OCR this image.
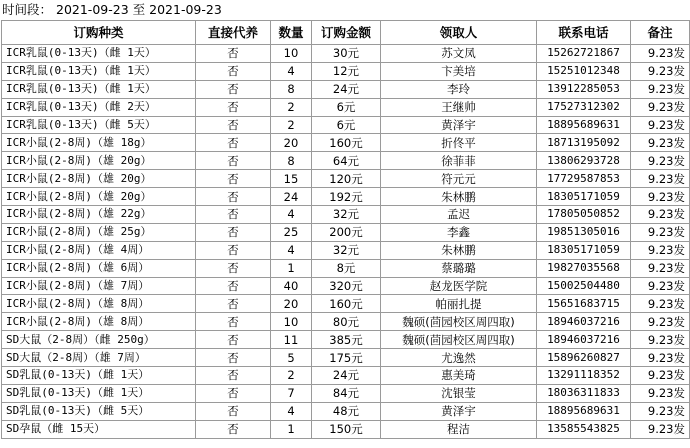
时间段： 2021-09-23 至 2021-09-23
订购种类	直接代养	数量	订购金额	领取人	联系电话	备注
ICR乳鼠(0-13天)（雌 1天）	否	10	30元	苏文凤	15262721867	9.23发
ICR乳鼠(0-13天)（雌 1天）	否	4	12元	卞美培	15251012348	9.23发
ICR乳鼠(0-13天)（雌 1天）	否	8	24元	李玲	13912285053	9.23发
ICR乳鼠(0-13天)（雌 2天）	否	2	6元	王继帅	17527312302	9.23发
ICR乳鼠(0-13天)（雌 5天）	否	2	6元	黄泽宇	18895689631	9.23发
ICR小鼠(2-8周)（雄 18g）	否	20	160元	折佟平	18713195092	9.23发
ICR小鼠(2-8周)（雄 20g）	否	8	64元	徐菲菲	13806293728	9.23发
ICR小鼠(2-8周)（雄 20g）	否	15	120元	符元元	17729587853	9.23发
ICR小鼠(2-8周)（雄 20g）	否	24	192元	朱林鹏	18305171059	9.23发
ICR小鼠(2-8周)（雄 22g）	否	4	32元	孟迟	17805050852	9.23发
ICR小鼠(2-8周)（雄 25g）	否	25	200元	李鑫	19851305016	9.23发
ICR小鼠(2-8周)（雄 4周）	否	4	32元	朱林鹏	18305171059	9.23发
ICR小鼠(2-8周)（雄 6周）	否	1	8元	蔡璐璐	19827035568	9.23发
ICR小鼠(2-8周)（雄 7周）	否	40	320元	赵龙医学院	15002504480	9.23发
ICR小鼠(2-8周)（雄 8周）	否	20	160元	帕丽扎提	15651683715	9.23发
ICR小鼠(2-8周)（雄 8周）	否	10	80元	魏硕(茴园校区周四取)	18946037216	9.23发
SD大鼠（2-8周）（雌 250g）	否	11	385元	魏硕(茴园校区周四取)	18946037216	9.23发
SD大鼠（2-8周）（雄 7周）	否	5	175元	尤逸然	15896260827	9.23发
SD乳鼠(0-13天)（雌 1天）	否	2	24元	惠美琦	13291118352	9.23发
SD乳鼠(0-13天)（雌 1天）	否	7	84元	沈银莹	18036311833	9.23发
SD乳鼠(0-13天)（雌 5天）	否	4	48元	黄泽宇	18895689631	9.23发
SD孕鼠（雌 15天）	否	1	150元	程洁	13585543825	9.23发
